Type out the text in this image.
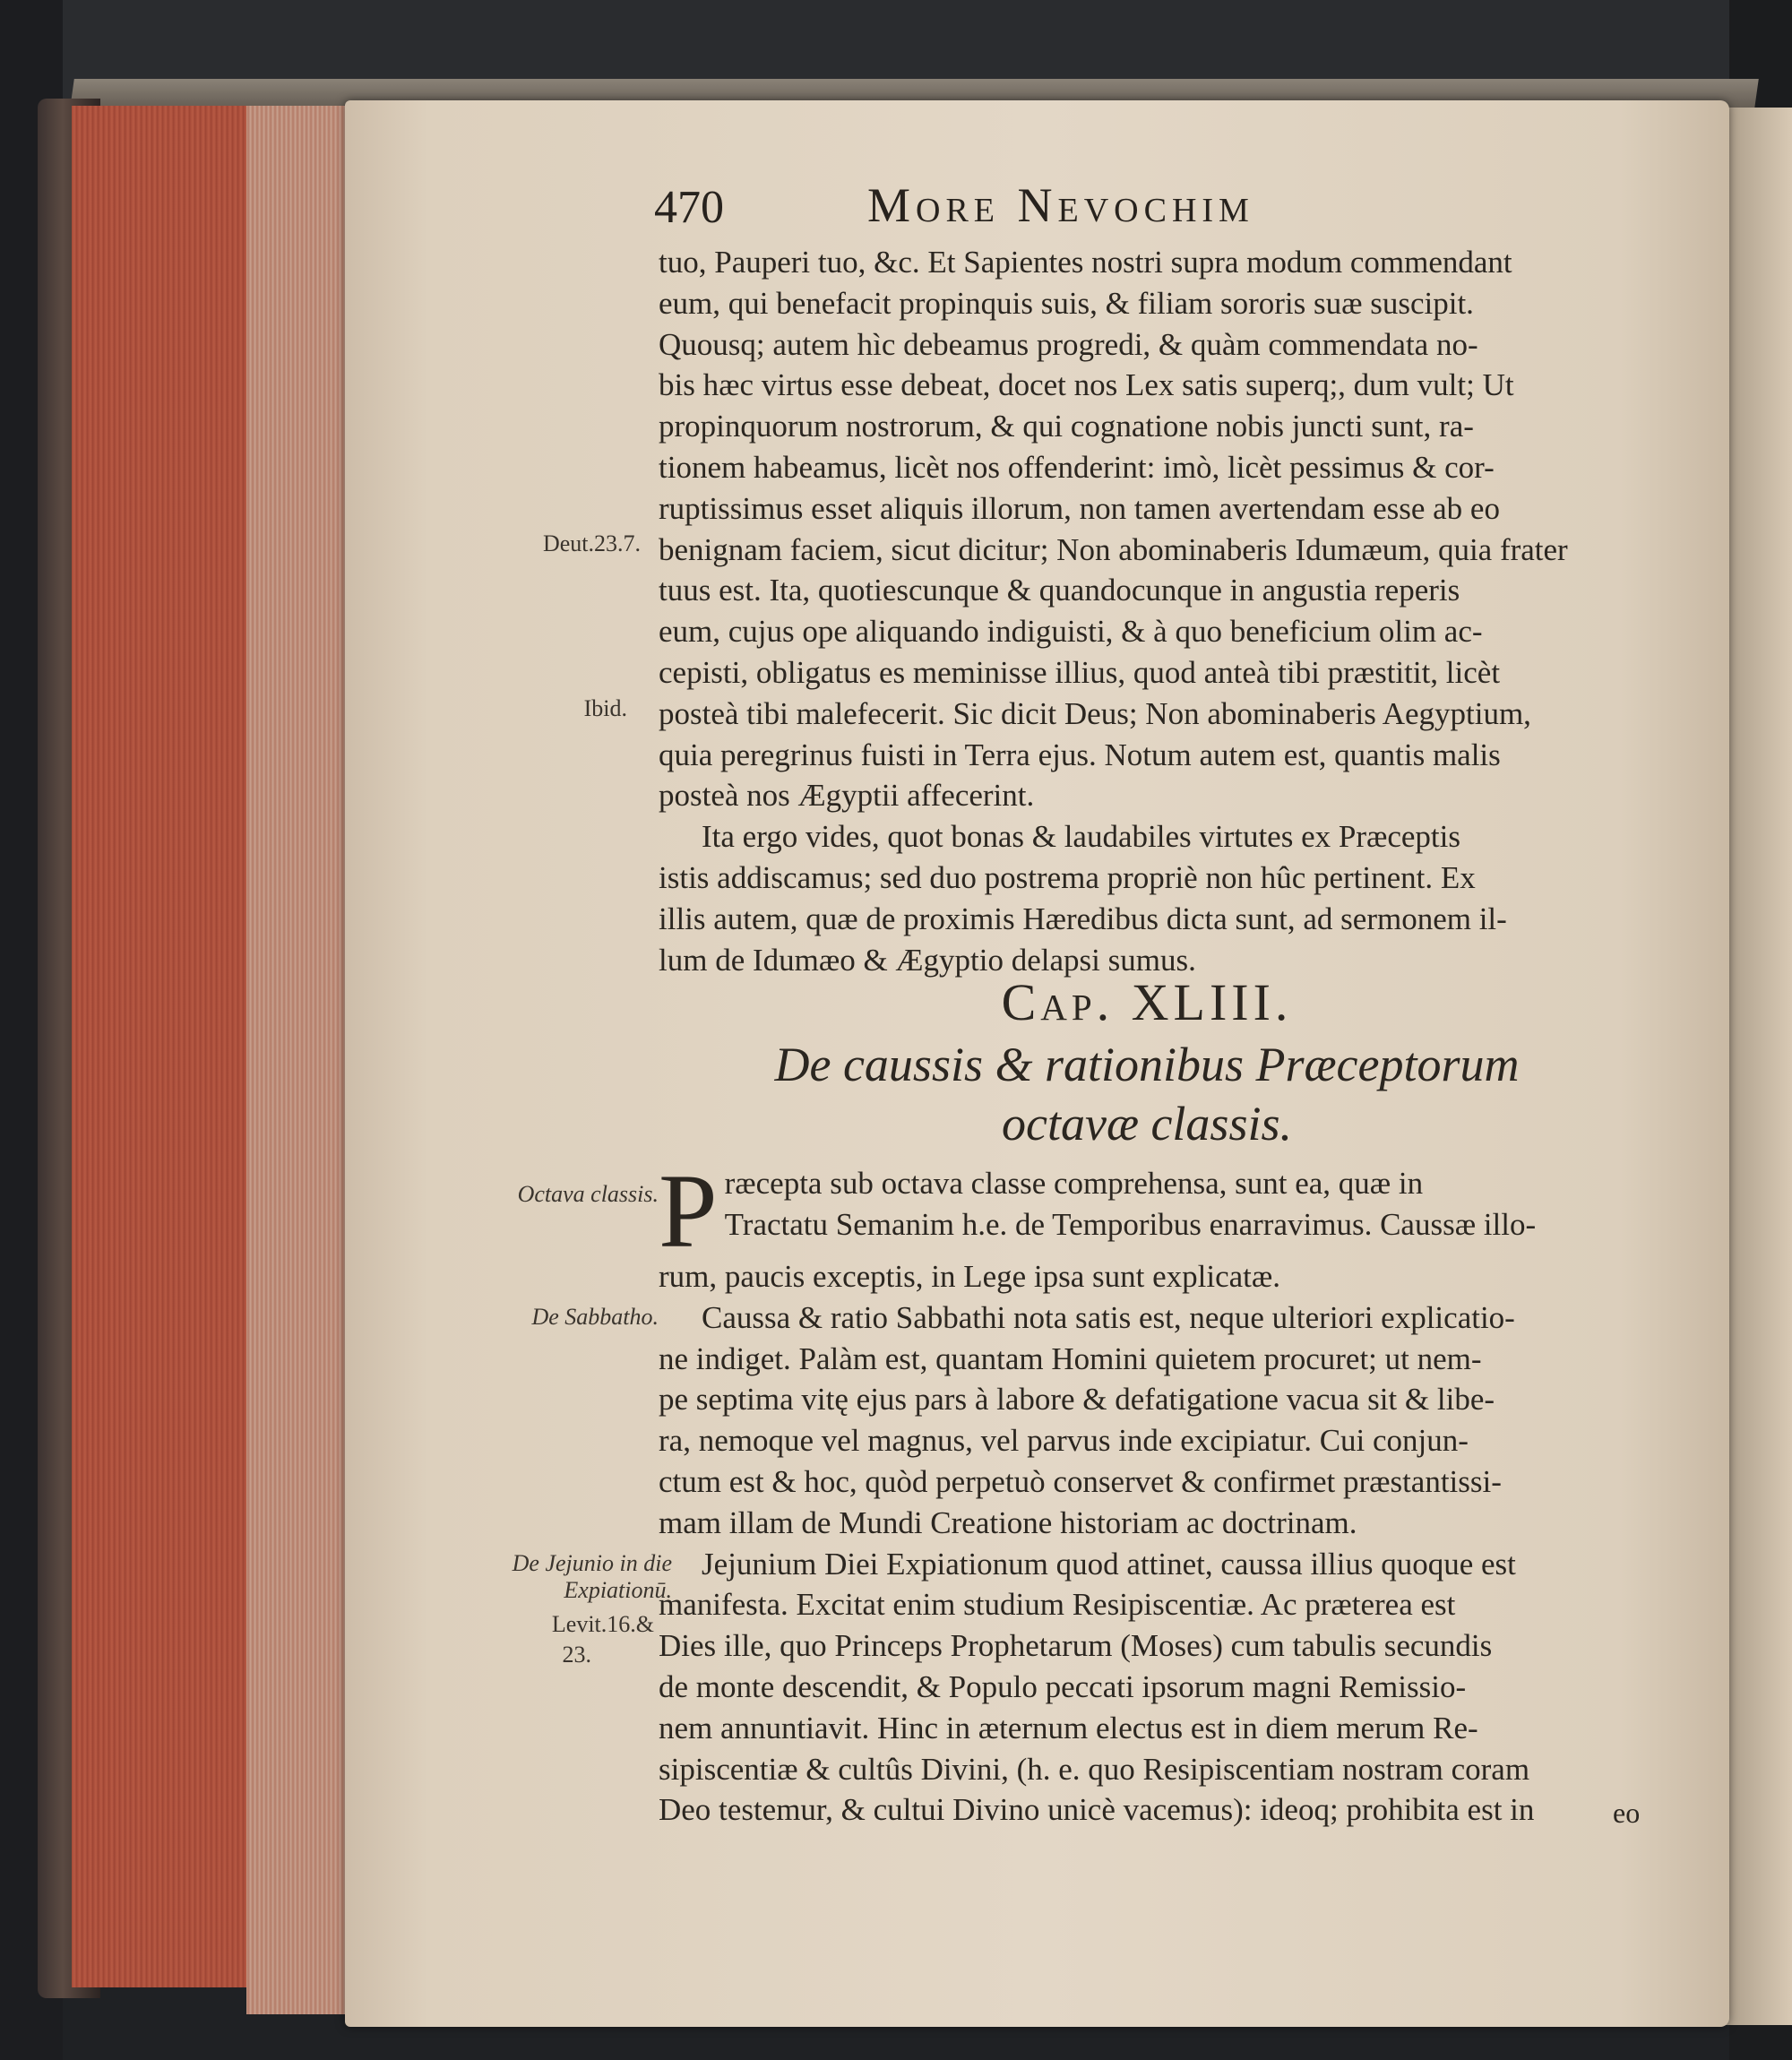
470	More Nevochim
tuo, Pauperi tuo, &c. Et Sapientes nostri supra modum commendant
eum, qui benefacit propinquis suis, & filiam sororis suæ suscipit.
Quousq; autem hìc debeamus progredi, & quàm commendata no-
bis hæc virtus esse debeat, docet nos Lex satis superq;, dum vult; Ut
propinquorum nostrorum, & qui cognatione nobis juncti sunt, ra-
tionem habeamus, licèt nos offenderint: imò, licèt pessimus & cor-
ruptissimus esset aliquis illorum, non tamen avertendam esse ab eo
benignam faciem, sicut dicitur; Non abominaberis Idumæum, quia frater
tuus est. Ita, quotiescunque & quandocunque in angustia reperis
eum, cujus ope aliquando indiguisti, & à quo beneficium olim ac-
cepisti, obligatus es meminisse illius, quod anteà tibi præstitit, licèt
posteà tibi malefecerit. Sic dicit Deus; Non abominaberis Aegyptium,
quia peregrinus fuisti in Terra ejus. Notum autem est, quantis malis
posteà nos Ægyptii affecerint.
Ita ergo vides, quot bonas & laudabiles virtutes ex Præceptis
istis addiscamus; sed duo postrema propriè non hûc pertinent. Ex
illis autem, quæ de proximis Hæredibus dicta sunt, ad sermonem il-
lum de Idumæo & Ægyptio delapsi sumus.
Cap. XLIII.
De caussis & rationibus Præceptorum
octavæ classis.
P ræcepta sub octava classe comprehensa, sunt ea, quæ in
Tractatu Semanim h.e. de Temporibus enarravimus. Caussæ illo-
rum, paucis exceptis, in Lege ipsa sunt explicatæ.
Caussa & ratio Sabbathi nota satis est, neque ulteriori explicatio-
ne indiget. Palàm est, quantam Homini quietem procuret; ut nem-
pe septima vitę ejus pars à labore & defatigatione vacua sit & libe-
ra, nemoque vel magnus, vel parvus inde excipiatur. Cui conjun-
ctum est & hoc, quòd perpetuò conservet & confirmet præstantissi-
mam illam de Mundi Creatione historiam ac doctrinam.
Jejunium Diei Expiationum quod attinet, caussa illius quoque est
manifesta. Excitat enim studium Resipiscentiæ. Ac præterea est
Dies ille, quo Princeps Prophetarum (Moses) cum tabulis secundis
de monte descendit, & Populo peccati ipsorum magni Remissio-
nem annuntiavit. Hinc in æternum electus est in diem merum Re-
sipiscentiæ & cultûs Divini, (h. e. quo Resipiscentiam nostram coram
Deo testemur, & cultui Divino unicè vacemus): ideoq; prohibita est in	eo
Deut.23.7.
Ibid.
Octava classis.
De Sabbatho.
De Jejunio in die Expiationū.
Levit.16.&
23.
